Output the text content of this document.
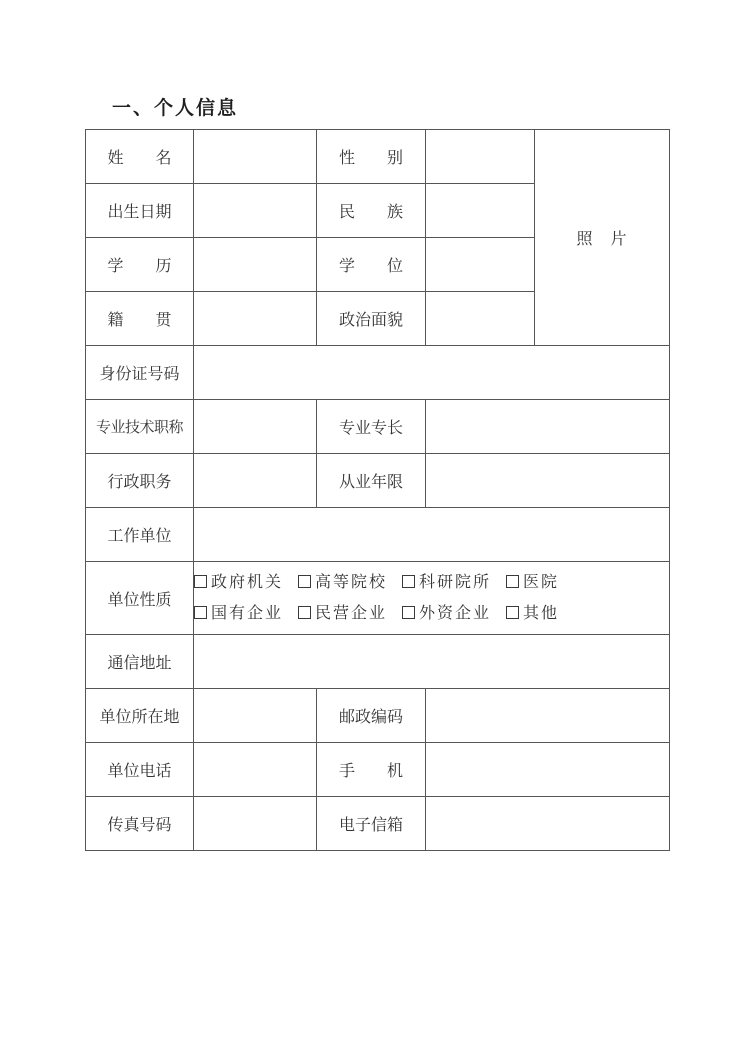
一、个人信息
姓　　名		性　　别		照　片
出生日期		民　　族		
学　　历		学　　位		
籍　　贯		政治面貌		
身份证号码				
专业技术职称		专业专长		
行政职务		从业年限		
工作单位				
单位性质	政府机关 高等院校 科研院所 医院
国有企业 民营企业 外资企业 其他			

通信地址				
单位所在地		邮政编码		
单位电话		手　　机		
传真号码		电子信箱		
